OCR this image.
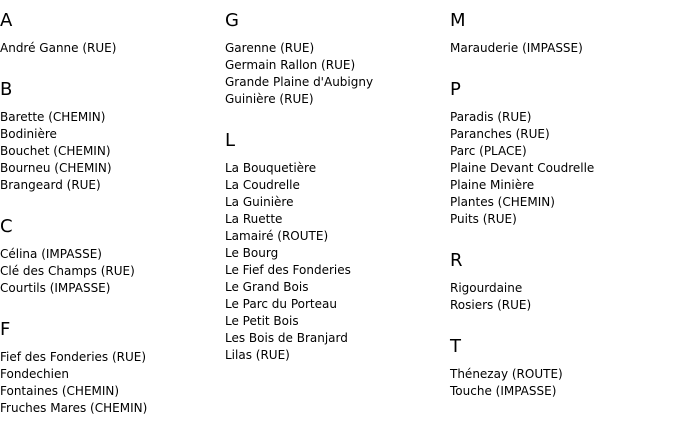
A
André Ganne (RUE)
B
Barette (CHEMIN)
Bodinière
Bouchet (CHEMIN)
Bourneu (CHEMIN)
Brangeard (RUE)
C
Célina (IMPASSE)
Clé des Champs (RUE)
Courtils (IMPASSE)
F
Fief des Fonderies (RUE)
Fondechien
Fontaines (CHEMIN)
Fruches Mares (CHEMIN)
G
Garenne (RUE)
Germain Rallon (RUE)
Grande Plaine d'Aubigny
Guinière (RUE)
L
La Bouquetière
La Coudrelle
La Guinière
La Ruette
Lamairé (ROUTE)
Le Bourg
Le Fief des Fonderies
Le Grand Bois
Le Parc du Porteau
Le Petit Bois
Les Bois de Branjard
Lilas (RUE)
M
Marauderie (IMPASSE)
P
Paradis (RUE)
Paranches (RUE)
Parc (PLACE)
Plaine Devant Coudrelle
Plaine Minière
Plantes (CHEMIN)
Puits (RUE)
R
Rigourdaine
Rosiers (RUE)
T
Thénezay (ROUTE)
Touche (IMPASSE)
